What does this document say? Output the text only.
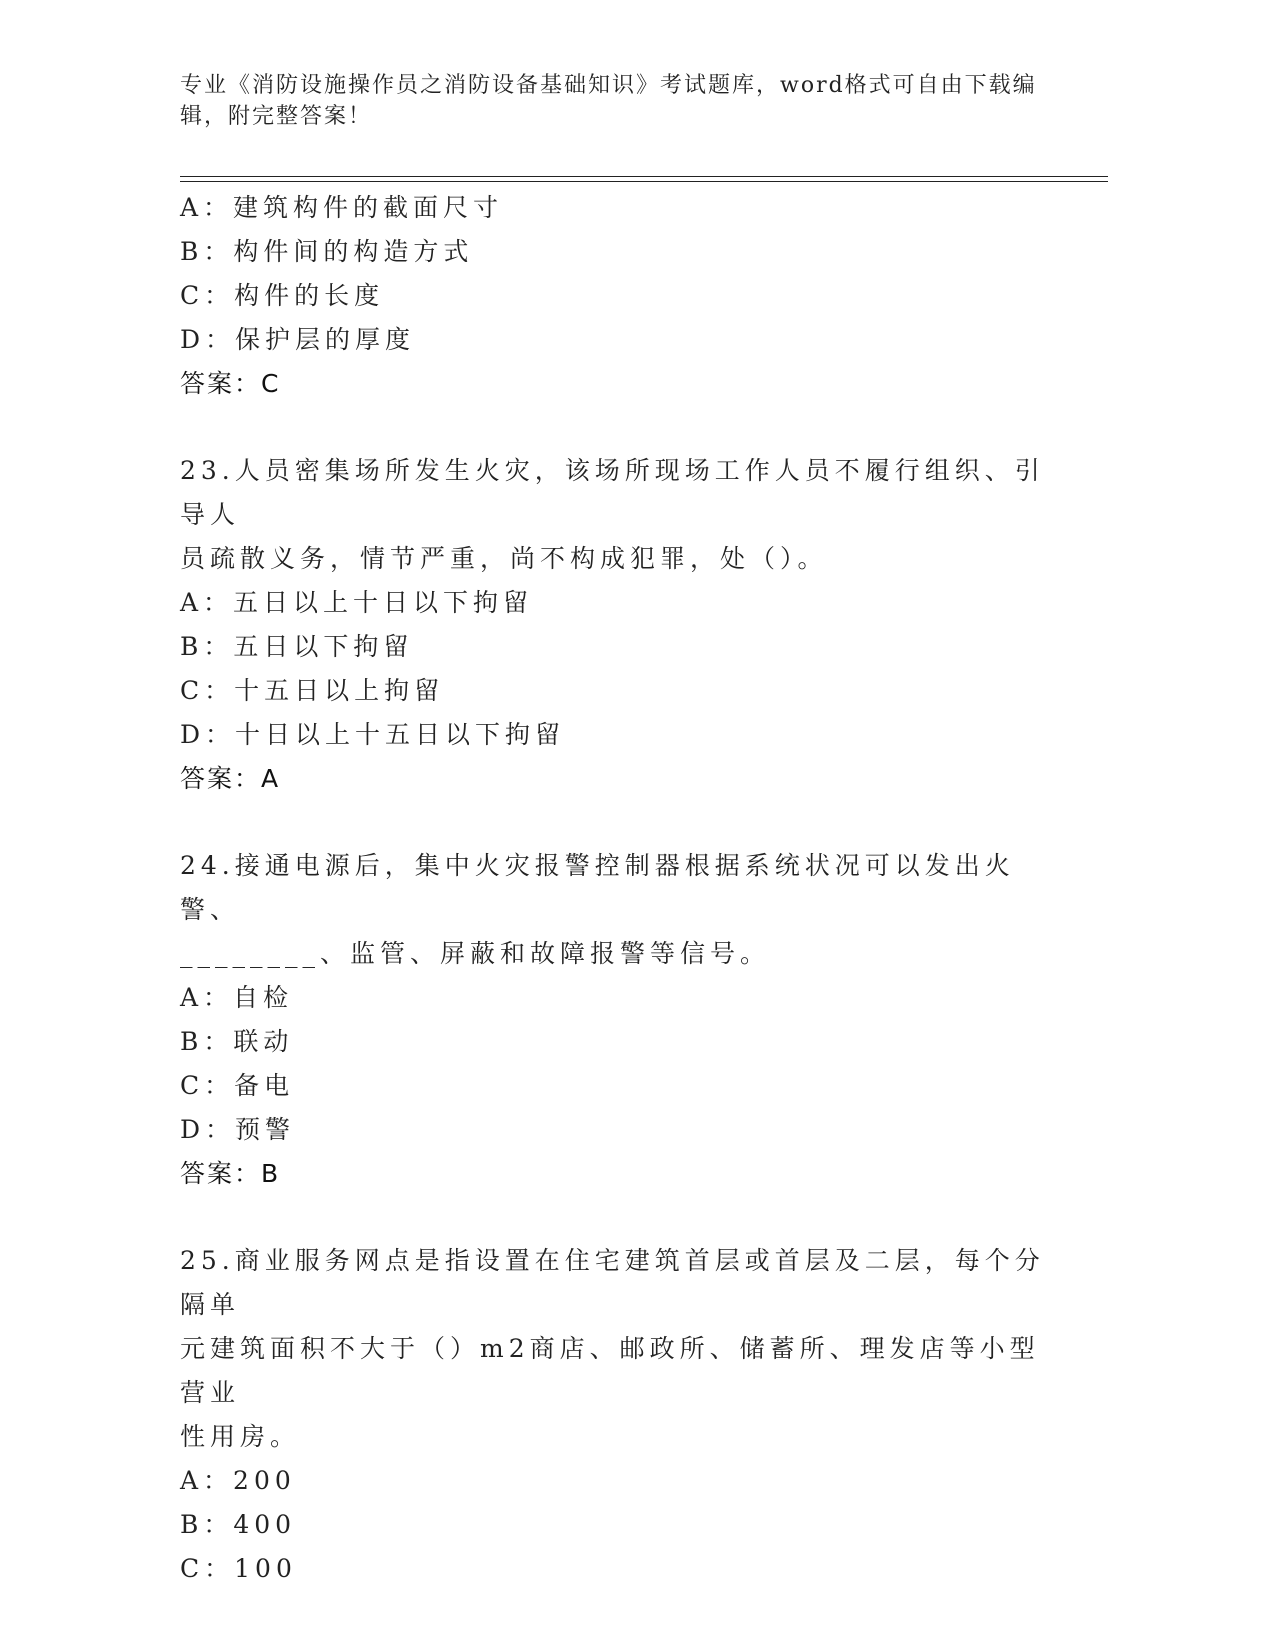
专业《消防设施操作员之消防设备基础知识》考试题库，word格式可自由下载编辑，附完整答案！
A：建筑构件的截面尺寸
B：构件间的构造方式
C：构件的长度
D：保护层的厚度
答案：C
23.人员密集场所发生火灾，该场所现场工作人员不履行组织、引导人
员疏散义务，情节严重，尚不构成犯罪，处（）。
A：五日以上十日以下拘留
B：五日以下拘留
C：十五日以上拘留
D：十日以上十五日以下拘留
答案：A
24.接通电源后，集中火灾报警控制器根据系统状况可以发出火警、
________、监管、屏蔽和故障报警等信号。
A：自检
B：联动
C：备电
D：预警
答案：B
25.商业服务网点是指设置在住宅建筑首层或首层及二层，每个分隔单
元建筑面积不大于（）m2商店、邮政所、储蓄所、理发店等小型营业
性用房。
A：200
B：400
C：100
